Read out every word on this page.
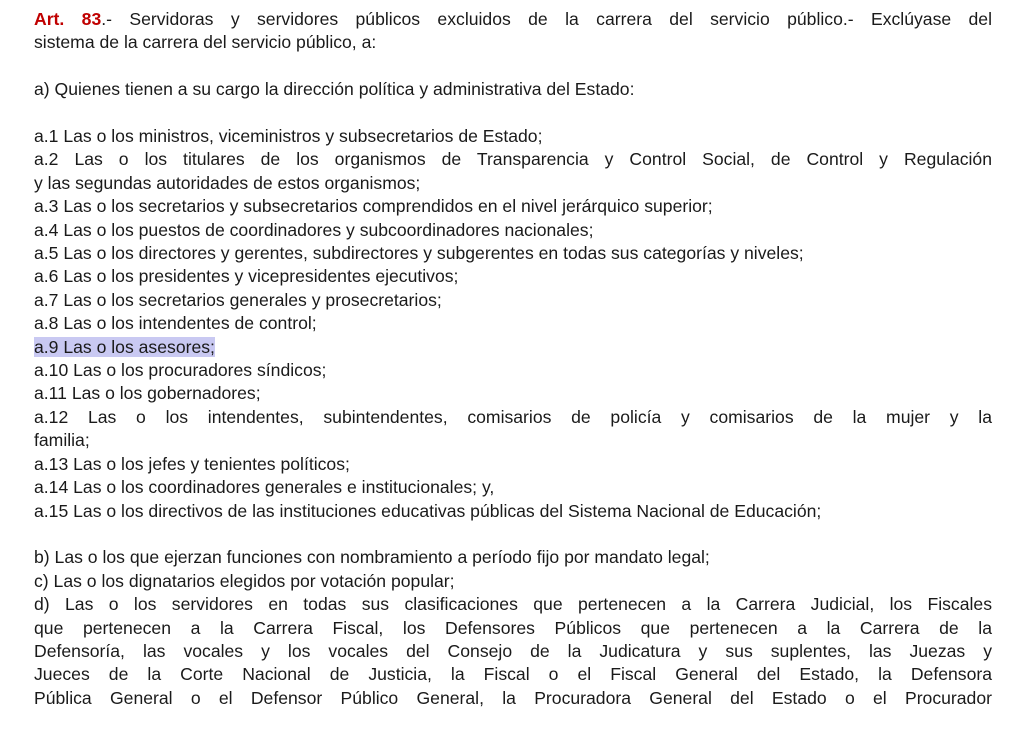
Art. 83.- Servidoras y servidores públicos excluidos de la carrera del servicio público.- Exclúyase del
sistema de la carrera del servicio público, a:
a) Quienes tienen a su cargo la dirección política y administrativa del Estado:
a.1 Las o los ministros, viceministros y subsecretarios de Estado;
a.2 Las o los titulares de los organismos de Transparencia y Control Social, de Control y Regulación
y las segundas autoridades de estos organismos;
a.3 Las o los secretarios y subsecretarios comprendidos en el nivel jerárquico superior;
a.4 Las o los puestos de coordinadores y subcoordinadores nacionales;
a.5 Las o los directores y gerentes, subdirectores y subgerentes en todas sus categorías y niveles;
a.6 Las o los presidentes y vicepresidentes ejecutivos;
a.7 Las o los secretarios generales y prosecretarios;
a.8 Las o los intendentes de control;
a.9 Las o los asesores;
a.10 Las o los procuradores síndicos;
a.11 Las o los gobernadores;
a.12 Las o los intendentes, subintendentes, comisarios de policía y comisarios de la mujer y la
familia;
a.13 Las o los jefes y tenientes políticos;
a.14 Las o los coordinadores generales e institucionales; y,
a.15 Las o los directivos de las instituciones educativas públicas del Sistema Nacional de Educación;
b) Las o los que ejerzan funciones con nombramiento a período fijo por mandato legal;
c) Las o los dignatarios elegidos por votación popular;
d) Las o los servidores en todas sus clasificaciones que pertenecen a la Carrera Judicial, los Fiscales
que pertenecen a la Carrera Fiscal, los Defensores Públicos que pertenecen a la Carrera de la
Defensoría, las vocales y los vocales del Consejo de la Judicatura y sus suplentes, las Juezas y
Jueces de la Corte Nacional de Justicia, la Fiscal o el Fiscal General del Estado, la Defensora
Pública General o el Defensor Público General, la Procuradora General del Estado o el Procurador
